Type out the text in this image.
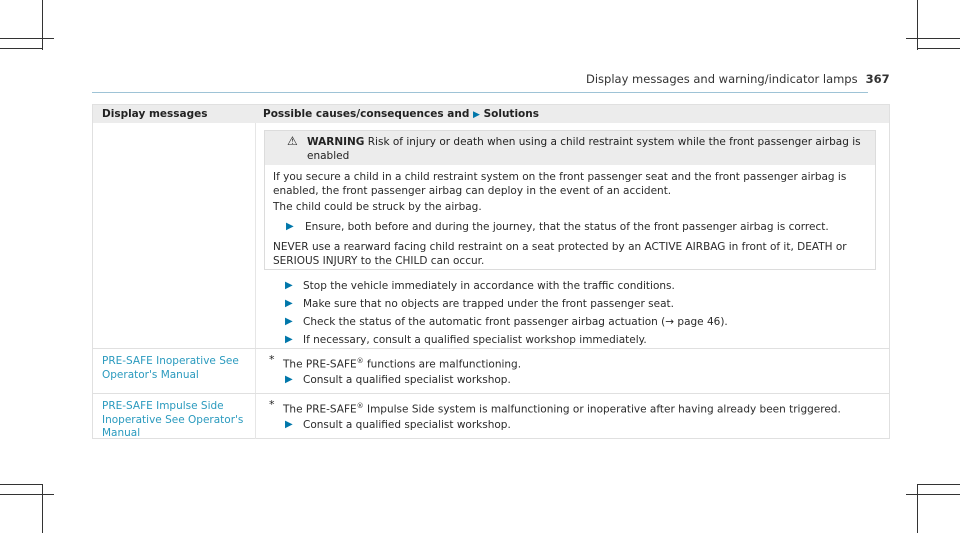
Display messages and warning/indicator lamps 367
Display messages	Possible causes/consequences and ▶ Solutions
⚠ WARNING Risk of injury or death when using a child restraint system while the front passenger airbag is
enabled
If you secure a child in a child restraint system on the front passenger seat and the front passenger airbag is
enabled, the front passenger airbag can deploy in the event of an accident.
The child could be struck by the airbag.
▶ Ensure, both before and during the journey, that the status of the front passenger airbag is correct.
NEVER use a rearward facing child restraint on a seat protected by an ACTIVE AIRBAG in front of it, DEATH or
SERIOUS INJURY to the CHILD can occur.
▶ Stop the vehicle immediately in accordance with the traffic conditions.
▶ Make sure that no objects are trapped under the front passenger seat.
▶ Check the status of the automatic front passenger airbag actuation (→ page 46).
▶ If necessary, consult a qualified specialist workshop immediately.
PRE-SAFE Inoperative See
Operator's Manual
* The PRE-SAFE® functions are malfunctioning.
▶ Consult a qualified specialist workshop.
PRE-SAFE Impulse Side
Inoperative See Operator's
Manual
* The PRE-SAFE® Impulse Side system is malfunctioning or inoperative after having already been triggered.
▶ Consult a qualified specialist workshop.
